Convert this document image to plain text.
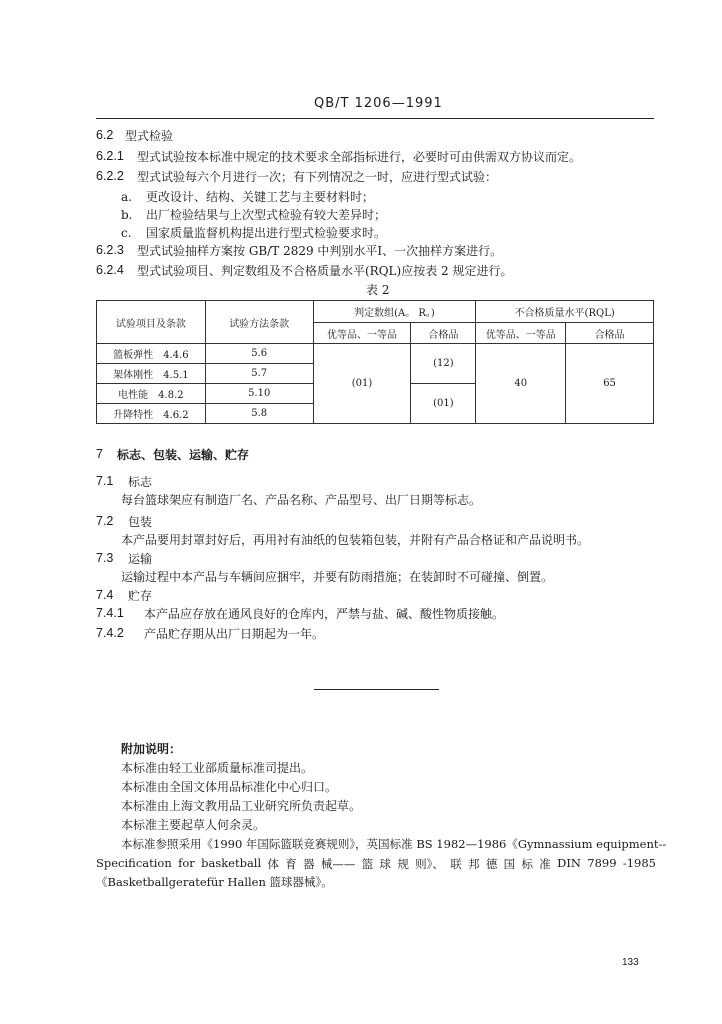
QB/T 1206—1991
6.2 型式检验
6.2.1 型式试验按本标准中规定的技术要求全部指标进行，必要时可由供需双方协议而定。
6.2.2 型式试验每六个月进行一次；有下列情况之一时，应进行型式试验：
a. 更改设计、结构、关键工艺与主要材料时；
b. 出厂检验结果与上次型式检验有较大差异时；
c. 国家质量监督机构提出进行型式检验要求时。
6.2.3 型式试验抽样方案按 GB/T 2829 中判别水平Ⅰ、一次抽样方案进行。
6.2.4 型式试验项目、判定数组及不合格质量水平(RQL)应按表 2 规定进行。
表 2
试验项目及条款	试验方法条款	判定数组(A。 R。)		不合格质量水平(RQL)	
		优等品、一等品	合格品	优等品、一等品	合格品
篮板弹性　4.4.6	5.6	(01)	(12)	40	65
架体刚性　4.5.1	5.7				
电性能　4.8.2	5.10		(01)		
升降特性　4.6.2	5.8				
7 标志、包装、运输、贮存
7.1 标志
每台篮球架应有制造厂名、产品名称、产品型号、出厂日期等标志。
7.2 包装
本产品要用封罩封好后，再用衬有油纸的包装箱包装，并附有产品合格证和产品说明书。
7.3 运输
运输过程中本产品与车辆间应捆牢，并要有防雨措施；在装卸时不可碰撞、倒置。
7.4 贮存
7.4.1 本产品应存放在通风良好的仓库内，严禁与盐、碱、酸性物质接触。
7.4.2 产品贮存期从出厂日期起为一年。
附加说明：
本标准由轻工业部质量标准司提出。
本标准由全国文体用品标准化中心归口。
本标准由上海文教用品工业研究所负责起草。
本标准主要起草人何余灵。
本标准参照采用《1990 年国际篮联竞赛规则》，英国标准 BS 1982—1986《Gymnassium equipment--
Specification for basketball 体 育 器 械—— 篮 球 规 则》、 联 邦 德 国 标 准 DIN 7899 -1985
《Basketballgeratefür Hallen 篮球器械》。
133
